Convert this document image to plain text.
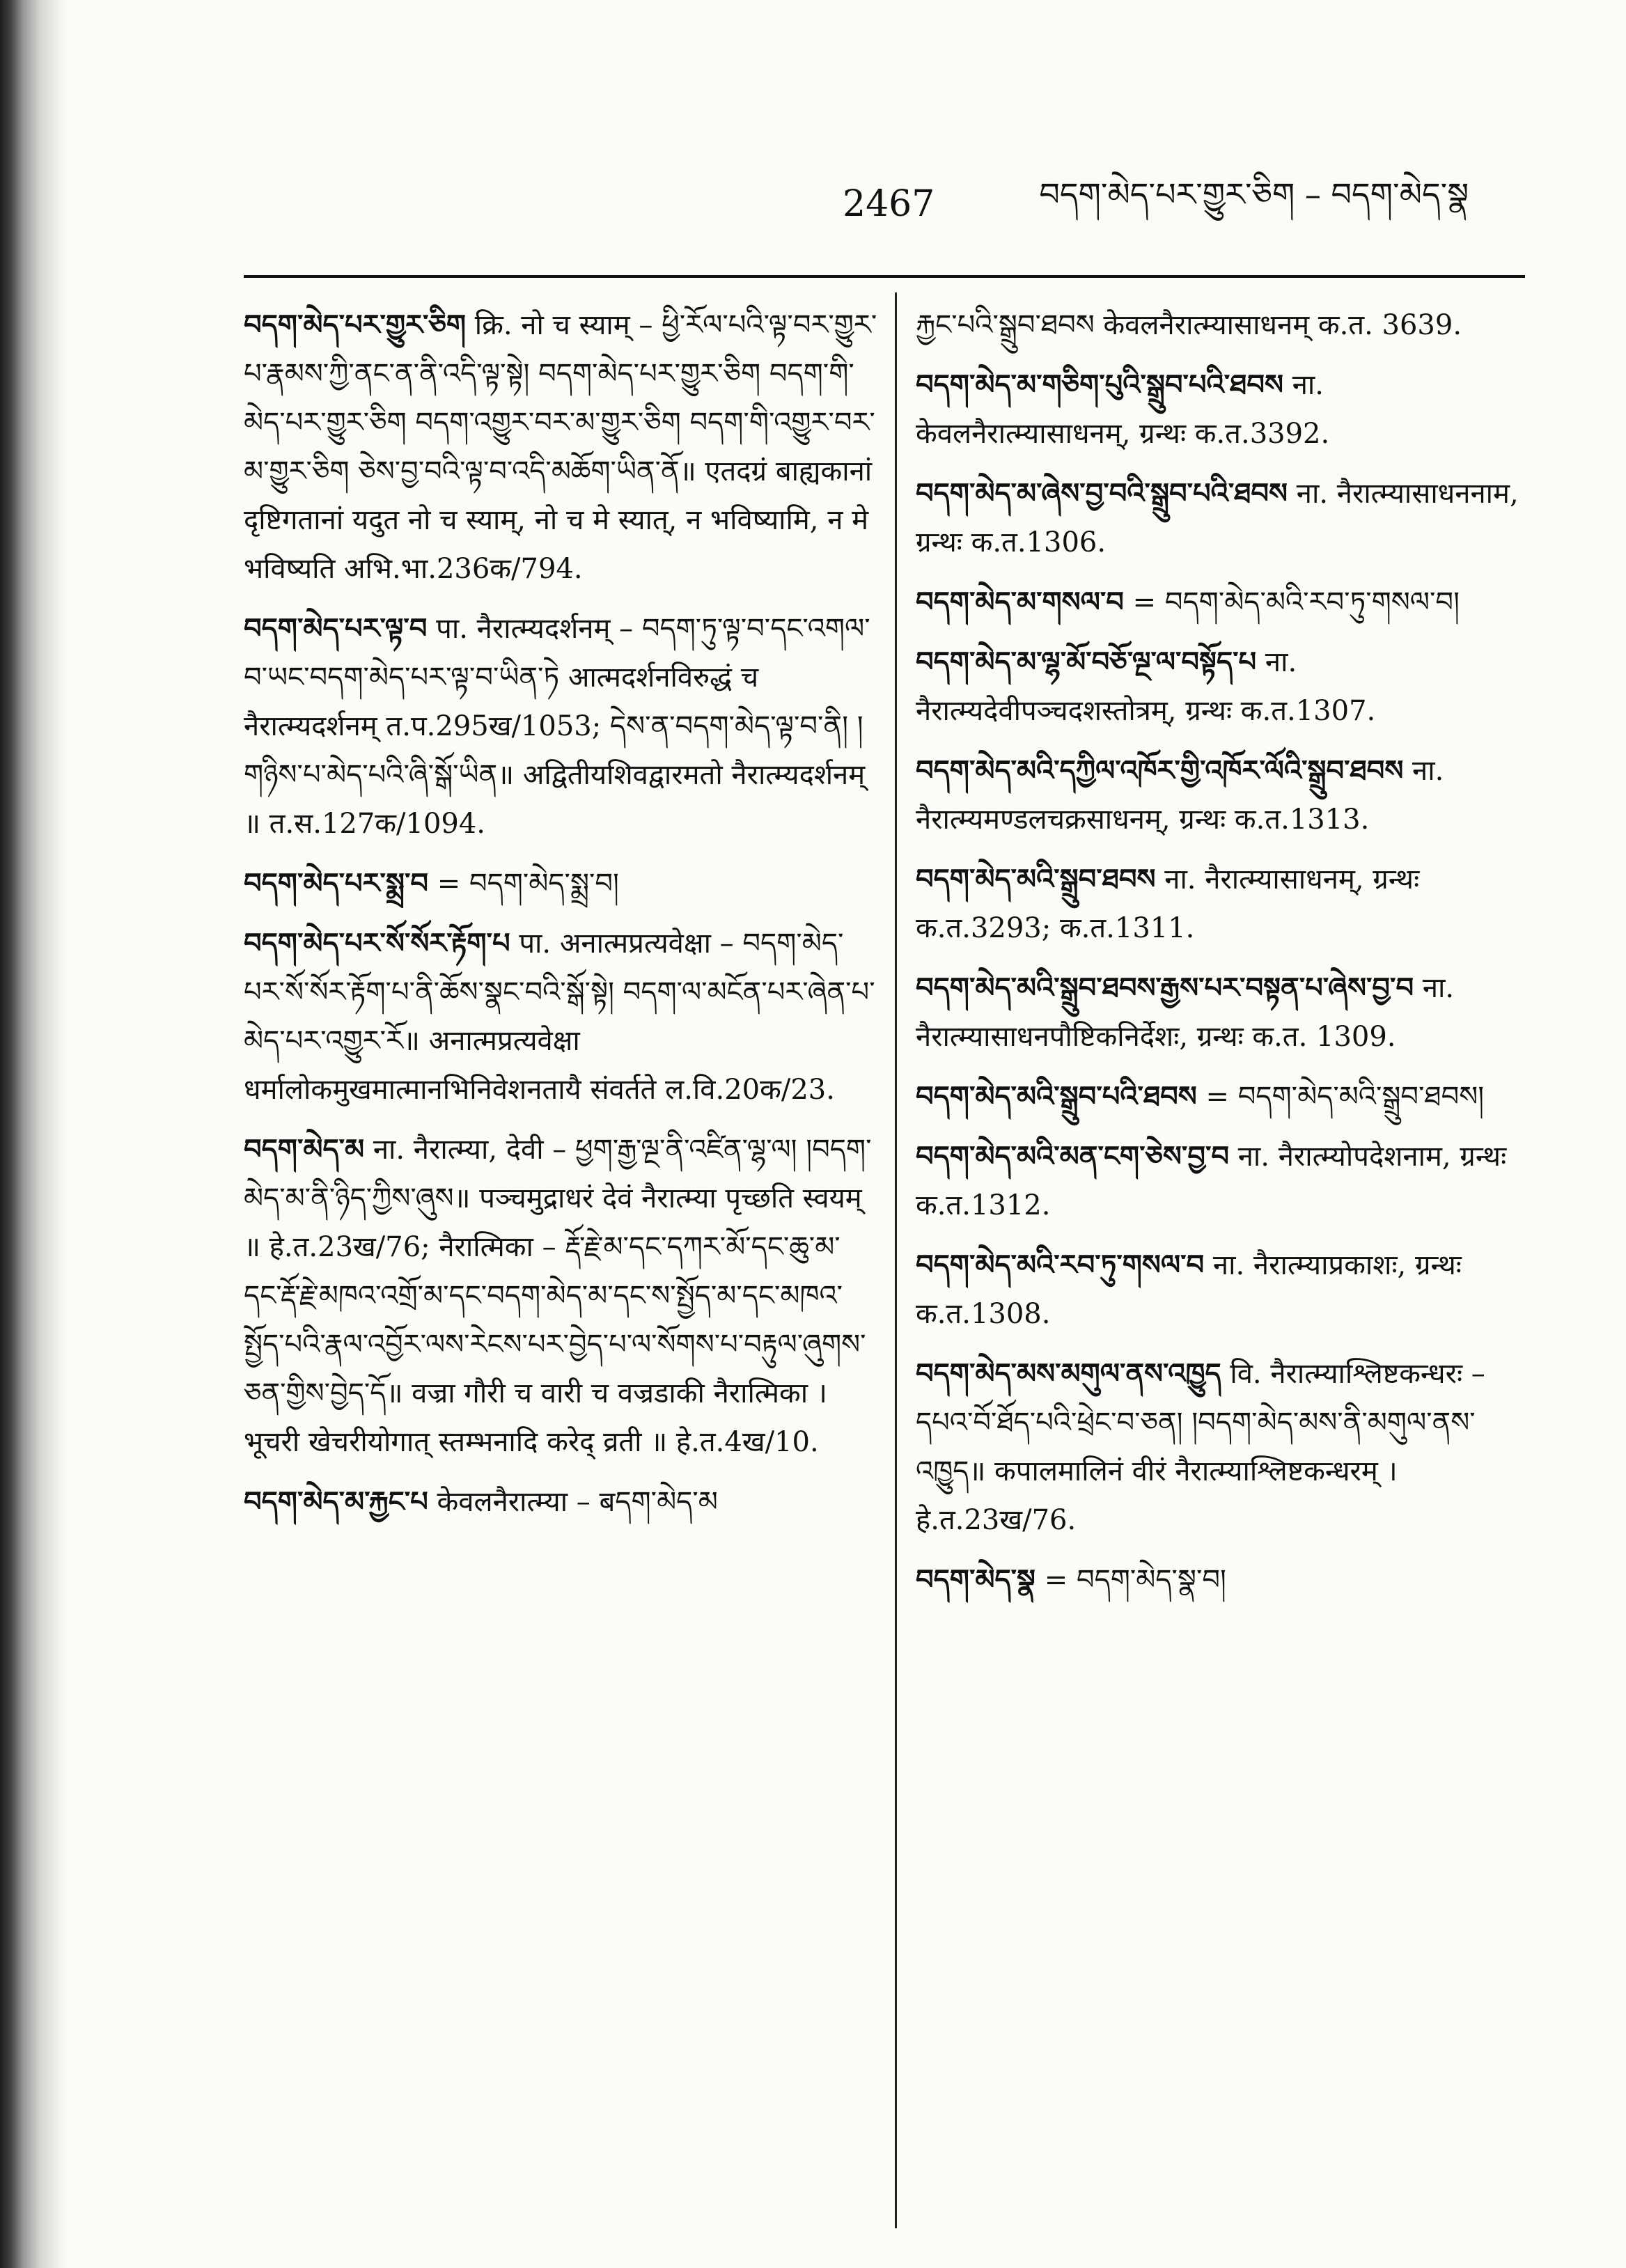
2467	བདག་མེད་པར་གྱུར་ཅིག – བདག་མེད་སྣ

བདག་མེད་པར་གྱུར་ཅིག क्रि. नो च स्याम् – ཕྱི་རོལ་པའི་ལྟ་བར་གྱུར་པ་རྣམས་ཀྱི་ནང་ན་ནི་འདི་ལྟ་སྟེ། བདག་མེད་པར་གྱུར་ཅིག བདག་གི་མེད་པར་གྱུར་ཅིག བདག་འགྱུར་བར་མ་གྱུར་ཅིག བདག་གི་འགྱུར་བར་མ་གྱུར་ཅིག ཅེས་བྱ་བའི་ལྟ་བ་འདི་མཆོག་ཡིན་ནོ॥ एतदग्रं बाह्यकानां दृष्टिगतानां यदुत नो च स्याम्, नो च मे स्यात्, न भविष्यामि, न मे भविष्यति अभि.भा.236क/794.

བདག་མེད་པར་ལྟ་བ पा. नैरात्म्यदर्शनम् – བདག་ཏུ་ལྟ་བ་དང་འགལ་བ་ཡང་བདག་མེད་པར་ལྟ་བ་ཡིན་ཏེ आत्मदर्शनविरुद्धं च नैरात्म्यदर्शनम् त.प.295ख/1053; དེས་ན་བདག་མེད་ལྟ་བ་ནི། །གཉིས་པ་མེད་པའི་ཞི་སྒོ་ཡིན॥ अद्वितीयशिवद्वारमतो नैरात्म्यदर्शनम् ॥ त.स.127क/1094.

བདག་མེད་པར་སྨྲ་བ = བདག་མེད་སྨྲ་བ།

བདག་མེད་པར་སོ་སོར་རྟོག་པ पा. अनात्मप्रत्यवेक्षा – བདག་མེད་པར་སོ་སོར་རྟོག་པ་ནི་ཆོས་སྣང་བའི་སྒོ་སྟེ། བདག་ལ་མངོན་པར་ཞེན་པ་མེད་པར་འགྱུར་རོ॥ अनात्मप्रत्यवेक्षा धर्मालोकमुखमात्मानभिनिवेशनतायै संवर्तते ल.वि.20क/23.

བདག་མེད་མ ना. नैरात्म्या, देवी – ཕྱག་རྒྱ་ལྔ་ནི་འཛིན་ལྷ་ལ། །བདག་མེད་མ་ནི་ཉིད་ཀྱིས་ཞུས॥ पञ्चमुद्राधरं देवं नैरात्म्या पृच्छति स्वयम् ॥ हे.त.23ख/76; नैरात्मिका – རྡོ་རྗེ་མ་དང་དཀར་མོ་དང་ཆུ་མ་དང་རྡོ་རྗེ་མཁའ་འགྲོ་མ་དང་བདག་མེད་མ་དང་ས་སྤྱོད་མ་དང་མཁའ་སྤྱོད་པའི་རྣལ་འབྱོར་ལས་རེངས་པར་བྱེད་པ་ལ་སོགས་པ་བརྟུལ་ཞུགས་ཅན་གྱིས་བྱེད་དོ॥ वज्रा गौरी च वारी च वज्रडाकी नैरात्मिका । भूचरी खेचरीयोगात् स्तम्भनादि करेद् व्रती ॥ हे.त.4ख/10.

བདག་མེད་མ་རྐྱང་པ केवलनैरात्म्या – बདག་མེད་མ

རྐྱང་པའི་སྒྲུབ་ཐབས केवलनैरात्म्यासाधनम् क.त. 3639.

བདག་མེད་མ་གཅིག་པུའི་སྒྲུབ་པའི་ཐབས ना. केवलनैरात्म्यासाधनम्, ग्रन्थः क.त.3392.

བདག་མེད་མ་ཞེས་བྱ་བའི་སྒྲུབ་པའི་ཐབས ना. नैरात्म्यासाधननाम, ग्रन्थः क.त.1306.

བདག་མེད་མ་གསལ་བ = བདག་མེད་མའི་རབ་ཏུ་གསལ་བ།

བདག་མེད་མ་ལྷ་མོ་བཅོ་ལྔ་ལ་བསྟོད་པ ना. नैरात्म्यदेवीपञ्चदशस्तोत्रम्, ग्रन्थः क.त.1307.

བདག་མེད་མའི་དཀྱིལ་འཁོར་གྱི་འཁོར་ལོའི་སྒྲུབ་ཐབས ना. नैरात्म्यमण्डलचक्रसाधनम्, ग्रन्थः क.त.1313.

བདག་མེད་མའི་སྒྲུབ་ཐབས ना. नैरात्म्यासाधनम्, ग्रन्थः क.त.3293; क.त.1311.

བདག་མེད་མའི་སྒྲུབ་ཐབས་རྒྱས་པར་བསྟན་པ་ཞེས་བྱ་བ ना. नैरात्म्यासाधनपौष्टिकनिर्देशः, ग्रन्थः क.त. 1309.

བདག་མེད་མའི་སྒྲུབ་པའི་ཐབས = བདག་མེད་མའི་སྒྲུབ་ཐབས།

བདག་མེད་མའི་མན་ངག་ཅེས་བྱ་བ ना. नैरात्म्योपदेशनाम, ग्रन्थः क.त.1312.

བདག་མེད་མའི་རབ་ཏུ་གསལ་བ ना. नैरात्म्याप्रकाशः, ग्रन्थः क.त.1308.

བདག་མེད་མས་མགུལ་ནས་འཁྱུད वि. नैरात्म्याश्लिष्टकन्धरः – དཔའ་བོ་ཐོད་པའི་ཕྲེང་བ་ཅན། །བདག་མེད་མས་ནི་མགུལ་ནས་འཁྱུད॥ कपालमालिनं वीरं नैरात्म्याश्लिष्टकन्धरम् । हे.त.23ख/76.

བདག་མེད་སྣ = བདག་མེད་སྣ་བ།
